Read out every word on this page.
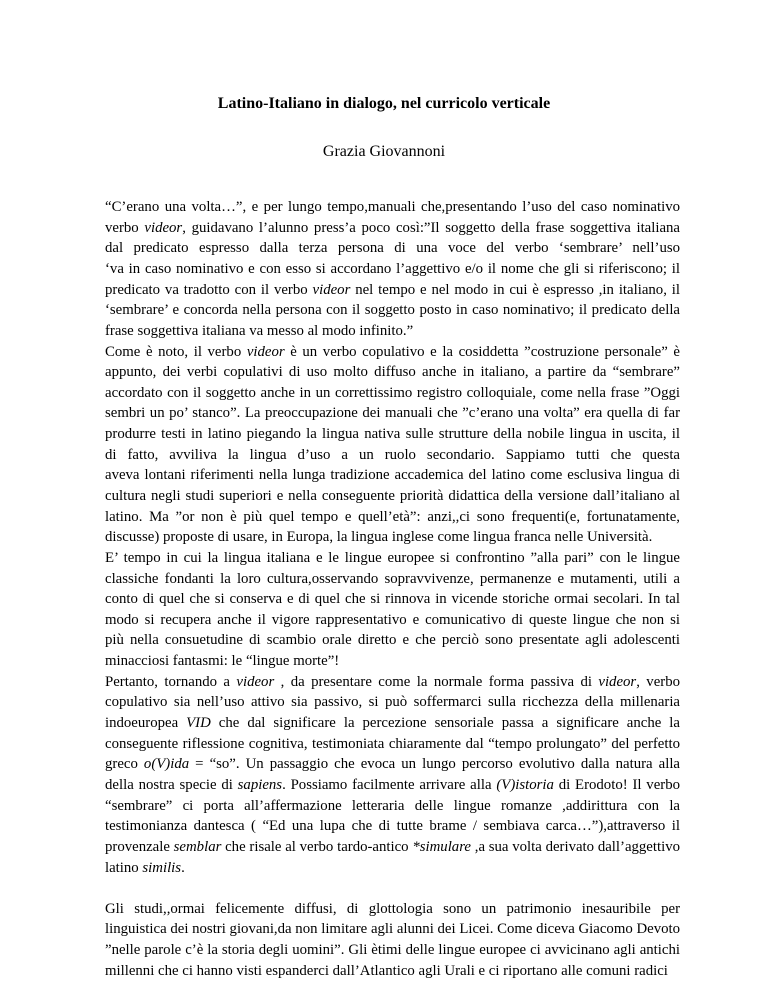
Latino-Italiano in dialogo, nel curricolo verticale
Grazia Giovannoni

“C’erano una volta…”, e per lungo tempo,manuali che,presentando l’uso del caso nominativo
verbo videor, guidavano l’alunno press’a poco così:”Il soggetto della frase soggettiva italiana
dal predicato espresso dalla terza persona di una voce del verbo ‘sembrare’ nell’uso
‘va in caso nominativo e con esso si accordano l’aggettivo e/o il nome che gli si riferiscono; il
predicato va tradotto con il verbo videor nel tempo e nel modo in cui è espresso ,in italiano, il
‘sembrare’ e concorda nella persona con il soggetto posto in caso nominativo; il predicato della
frase soggettiva italiana va messo al modo infinito.”

Come è noto, il verbo videor è un verbo copulativo e la cosiddetta ”costruzione personale” è
appunto, dei verbi copulativi di uso molto diffuso anche in italiano, a partire da “sembrare”
accordato con il soggetto anche in un correttissimo registro colloquiale, come nella frase ”Oggi
sembri un po’ stanco”. La preoccupazione dei manuali che ”c’erano una volta” era quella di far
produrre testi in latino piegando la lingua nativa sulle strutture della nobile lingua in uscita, il
di fatto, avviliva la lingua d’uso a un ruolo secondario. Sappiamo tutti che questa
aveva lontani riferimenti nella lunga tradizione accademica del latino come esclusiva lingua di
cultura negli studi superiori e nella conseguente priorità didattica della versione dall’italiano al
latino. Ma ”or non è più quel tempo e quell’età”: anzi,,ci sono frequenti(e, fortunatamente,
discusse) proposte di usare, in Europa, la lingua inglese come lingua franca nelle Università.

E’ tempo in cui la lingua italiana e le lingue europee si confrontino ”alla pari” con le lingue
classiche fondanti la loro cultura,osservando sopravvivenze, permanenze e mutamenti, utili a
conto di quel che si conserva e di quel che si rinnova in vicende storiche ormai secolari. In tal
modo si recupera anche il vigore rappresentativo e comunicativo di queste lingue che non si
più nella consuetudine di scambio orale diretto e che perciò sono presentate agli adolescenti
minacciosi fantasmi: le “lingue morte”!

Pertanto, tornando a videor , da presentare come la normale forma passiva di videor, verbo
copulativo sia nell’uso attivo sia passivo, si può soffermarci sulla ricchezza della millenaria
indoeuropea VID che dal significare la percezione sensoriale passa a significare anche la
conseguente riflessione cognitiva, testimoniata chiaramente dal “tempo prolungato” del perfetto
greco o(V)ida = “so”. Un passaggio che evoca un lungo percorso evolutivo dalla natura alla
della nostra specie di sapiens. Possiamo facilmente arrivare alla (V)istoria di Erodoto! Il verbo
“sembrare” ci porta all’affermazione letteraria delle lingue romanze ,addirittura con la
testimonianza dantesca ( “Ed una lupa che di tutte brame / sembiava carca…”),attraverso il
provenzale semblar che risale al verbo tardo-antico *simulare ,a sua volta derivato dall’aggettivo
latino similis.

Gli studi,,ormai felicemente diffusi, di glottologia sono un patrimonio inesauribile per
linguistica dei nostri giovani,da non limitare agli alunni dei Licei. Come diceva Giacomo Devoto
”nelle parole c’è la storia degli uomini”. Gli ètimi delle lingue europee ci avvicinano agli antichi
millenni che ci hanno visti espanderci dall’Atlantico agli Urali e ci riportano alle comuni radici
